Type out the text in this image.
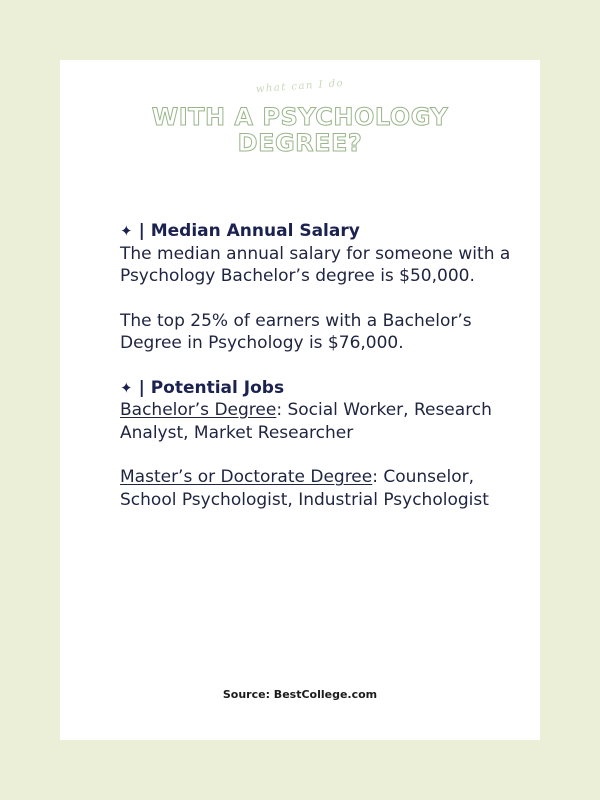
what can I do
WITH A PSYCHOLOGY
DEGREE?
✦ | Median Annual Salary

The median annual salary for someone with a Psychology Bachelor’s degree is $50,000.

The top 25% of earners with a Bachelor’s Degree in Psychology is $76,000.

✦ | Potential Jobs

Bachelor’s Degree: Social Worker, Research Analyst, Market Researcher

Master’s or Doctorate Degree: Counselor, School Psychologist, Industrial Psychologist

Source: BestCollege.com
